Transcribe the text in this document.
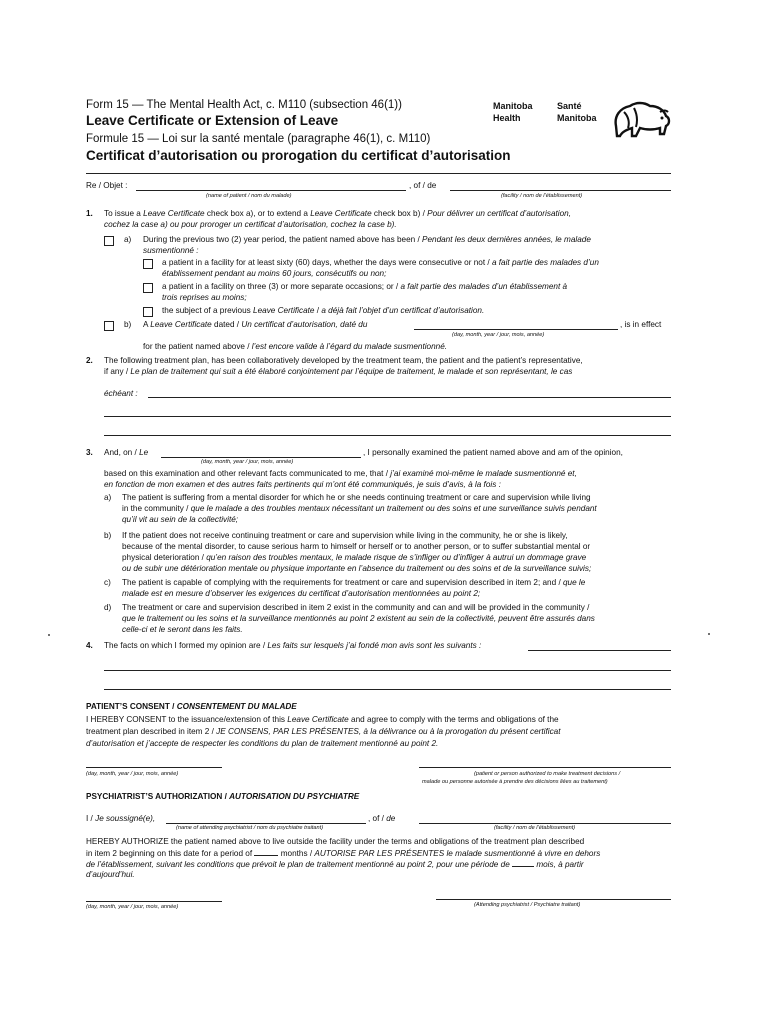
Form 15 — The Mental Health Act, c. M110 (subsection 46(1))
Leave Certificate or Extension of Leave
Formule 15 — Loi sur la santé mentale (paragraphe 46(1), c. M110)
Certificat d’autorisation ou prorogation du certificat d’autorisation
Manitoba
Health
Santé
Manitoba
Re / Objet :	, of / de
(name of patient / nom du malade)	(facility / nom de l’établissement)
1. To issue a Leave Certificate check box a), or to extend a Leave Certificate check box b) / Pour délivrer un certificat d’autorisation,
cochez la case a) ou pour proroger un certificat d’autorisation, cochez la case b).
a) During the previous two (2) year period, the patient named above has been / Pendant les deux dernières années, le malade
susmentionné :
a patient in a facility for at least sixty (60) days, whether the days were consecutive or not / a fait partie des malades d’un
établissement pendant au moins 60 jours, consécutifs ou non;
a patient in a facility on three (3) or more separate occasions; or / a fait partie des malades d’un établissement à
trois reprises au moins;
the subject of a previous Leave Certificate / a déjà fait l’objet d’un certificat d’autorisation.
b) A Leave Certificate dated / Un certificat d’autorisation, daté du	, is in effect
(day, month, year / jour, mois, année)
for the patient named above / l’est encore valide à l’égard du malade susmentionné.
2. The following treatment plan, has been collaboratively developed by the treatment team, the patient and the patient’s representative,
if any / Le plan de traitement qui suit a été élaboré conjointement par l’équipe de traitement, le malade et son représentant, le cas
échéant :
3. And, on / Le	, I personally examined the patient named above and am of the opinion,
(day, month, year / jour, mois, année)
based on this examination and other relevant facts communicated to me, that / j’ai examiné moi-même le malade susmentionné et,
en fonction de mon examen et des autres faits pertinents qui m’ont été communiqués, je suis d’avis, à la fois :
a) The patient is suffering from a mental disorder for which he or she needs continuing treatment or care and supervision while living
in the community / que le malade a des troubles mentaux nécessitant un traitement ou des soins et une surveillance suivis pendant
qu’il vit au sein de la collectivité;
b) If the patient does not receive continuing treatment or care and supervision while living in the community, he or she is likely,
because of the mental disorder, to cause serious harm to himself or herself or to another person, or to suffer substantial mental or
physical deterioration / qu’en raison des troubles mentaux, le malade risque de s’infliger ou d’infliger à autrui un dommage grave
ou de subir une détérioration mentale ou physique importante en l’absence du traitement ou des soins et de la surveillance suivis;
c) The patient is capable of complying with the requirements for treatment or care and supervision described in item 2; and / que le
malade est en mesure d’observer les exigences du certificat d’autorisation mentionnées au point 2;
d) The treatment or care and supervision described in item 2 exist in the community and can and will be provided in the community /
que le traitement ou les soins et la surveillance mentionnés au point 2 existent au sein de la collectivité, peuvent être assurés dans
celle-ci et le seront dans les faits.
4. The facts on which I formed my opinion are / Les faits sur lesquels j’ai fondé mon avis sont les suivants :
PATIENT’S CONSENT / CONSENTEMENT DU MALADE
I HEREBY CONSENT to the issuance/extension of this Leave Certificate and agree to comply with the terms and obligations of the
treatment plan described in item 2 / JE CONSENS, PAR LES PRÉSENTES, à la délivrance ou à la prorogation du présent certificat
d’autorisation et j’accepte de respecter les conditions du plan de traitement mentionné au point 2.
(day, month, year / jour, mois, année)	(patient or person authorized to make treatment decisions /
malade ou personne autorisée à prendre des décisions liées au traitement)
PSYCHIATRIST’S AUTHORIZATION / AUTORISATION DU PSYCHIATRE
I / Je soussigné(e),	, of / de
(name of attending psychiatrist / nom du psychiatre traitant)	(facility / nom de l’établissement)
HEREBY AUTHORIZE the patient named above to live outside the facility under the terms and obligations of the treatment plan described
in item 2 beginning on this date for a period of	months / AUTORISE PAR LES PRÉSENTES le malade susmentionné à vivre en dehors
de l’établissement, suivant les conditions que prévoit le plan de traitement mentionné au point 2, pour une période de	mois, à partir
d’aujourd’hui.
(day, month, year / jour, mois, année)	(Attending psychiatrist / Psychiatre traitant)
